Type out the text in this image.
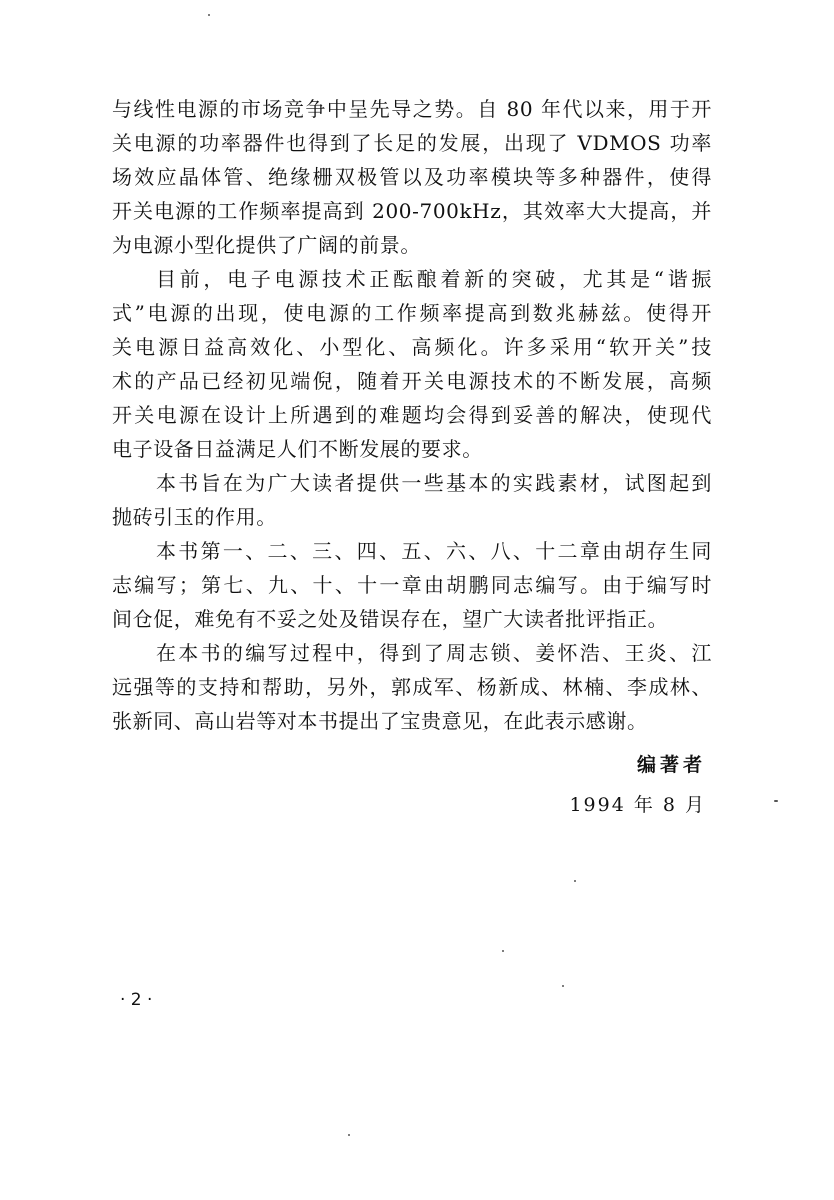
与线性电源的市场竞争中呈先导之势。自 80 年代以来，用于开

关电源的功率器件也得到了长足的发展，出现了 VDMOS 功率

场效应晶体管、绝缘栅双极管以及功率模块等多种器件，使得

开关电源的工作频率提高到 200-700kHz，其效率大大提高，并

为电源小型化提供了广阔的前景。

目前，电子电源技术正酝酿着新的突破，尤其是“谐振

式”电源的出现，使电源的工作频率提高到数兆赫兹。使得开

关电源日益高效化、小型化、高频化。许多采用“软开关”技

术的产品已经初见端倪，随着开关电源技术的不断发展，高频

开关电源在设计上所遇到的难题均会得到妥善的解决，使现代

电子设备日益满足人们不断发展的要求。

本书旨在为广大读者提供一些基本的实践素材，试图起到

抛砖引玉的作用。

本书第一、二、三、四、五、六、八、十二章由胡存生同

志编写；第七、九、十、十一章由胡鹏同志编写。由于编写时

间仓促，难免有不妥之处及错误存在，望广大读者批评指正。

在本书的编写过程中，得到了周志锁、姜怀浩、王炎、江

远强等的支持和帮助，另外，郭成军、杨新成、林楠、李成林、

张新同、高山岩等对本书提出了宝贵意见，在此表示感谢。

编著者
1994 年 8 月
· 2 ·
